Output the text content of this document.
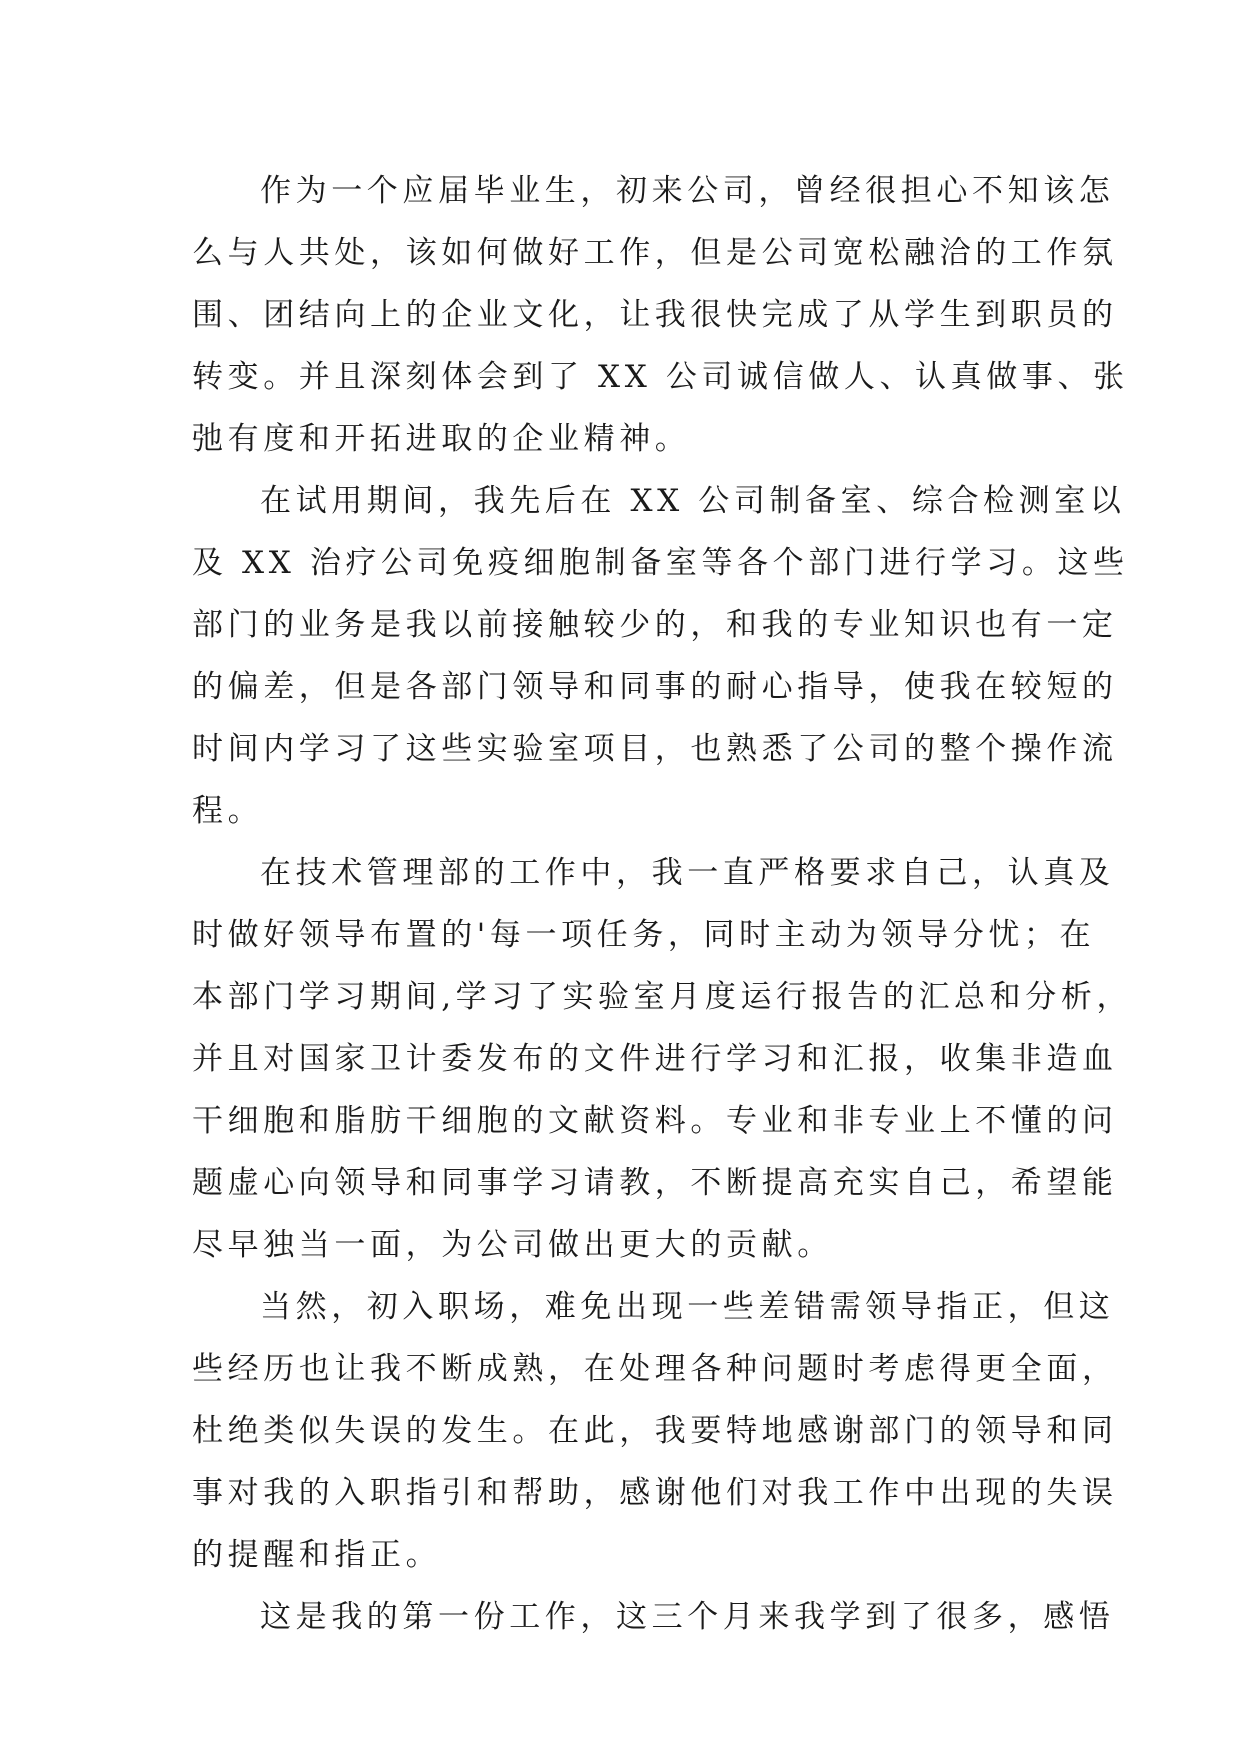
作为一个应届毕业生，初来公司，曾经很担心不知该怎
么与人共处，该如何做好工作，但是公司宽松融洽的工作氛
围、团结向上的企业文化，让我很快完成了从学生到职员的
转变。并且深刻体会到了 XX 公司诚信做人、认真做事、张
弛有度和开拓进取的企业精神。
在试用期间，我先后在 XX 公司制备室、综合检测室以
及 XX 治疗公司免疫细胞制备室等各个部门进行学习。这些
部门的业务是我以前接触较少的，和我的专业知识也有一定
的偏差，但是各部门领导和同事的耐心指导，使我在较短的
时间内学习了这些实验室项目，也熟悉了公司的整个操作流
程。
在技术管理部的工作中，我一直严格要求自己，认真及
时做好领导布置的'每一项任务，同时主动为领导分忧；在
本部门学习期间,学习了实验室月度运行报告的汇总和分析，
并且对国家卫计委发布的文件进行学习和汇报，收集非造血
干细胞和脂肪干细胞的文献资料。专业和非专业上不懂的问
题虚心向领导和同事学习请教，不断提高充实自己，希望能
尽早独当一面，为公司做出更大的贡献。
当然，初入职场，难免出现一些差错需领导指正，但这
些经历也让我不断成熟，在处理各种问题时考虑得更全面，
杜绝类似失误的发生。在此，我要特地感谢部门的领导和同
事对我的入职指引和帮助，感谢他们对我工作中出现的失误
的提醒和指正。
这是我的第一份工作，这三个月来我学到了很多，感悟
